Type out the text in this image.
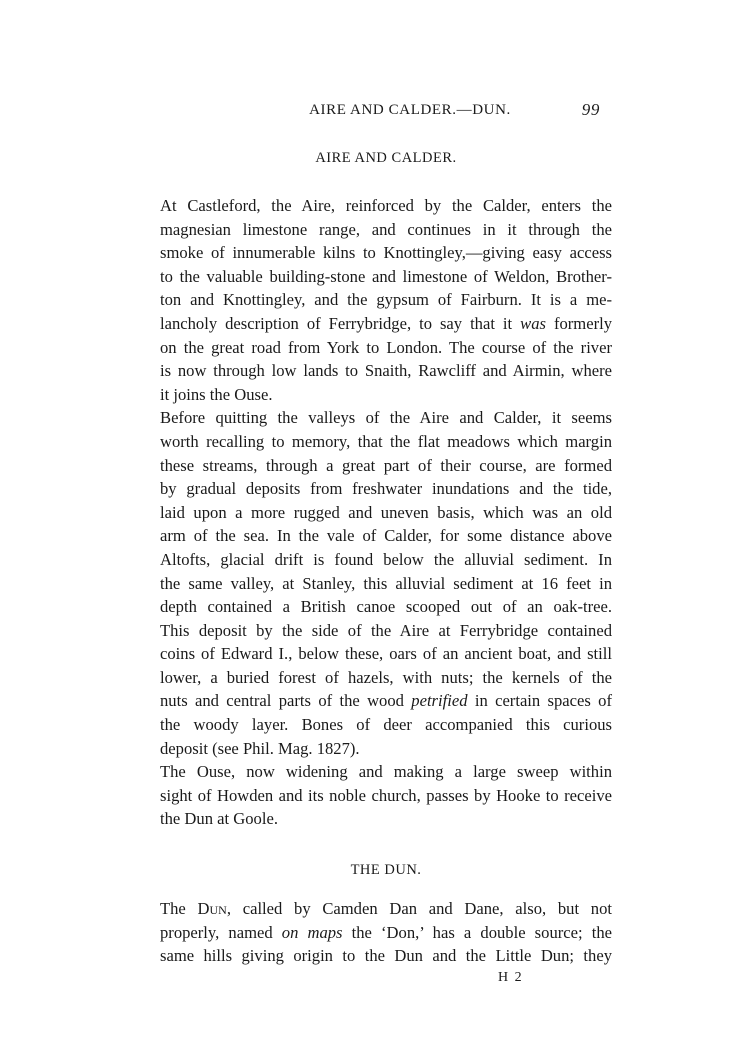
AIRE AND CALDER.—DUN.	99
AIRE AND CALDER.

At Castleford, the Aire, reinforced by the Calder, enters the
magnesian limestone range, and continues in it through the
smoke of innumerable kilns to Knottingley,—giving easy access
to the valuable building-stone and limestone of Weldon, Brother-
ton and Knottingley, and the gypsum of Fairburn. It is a me-
lancholy description of Ferrybridge, to say that it was formerly
on the great road from York to London. The course of the river
is now through low lands to Snaith, Rawcliff and Airmin, where
it joins the Ouse.

Before quitting the valleys of the Aire and Calder, it seems
worth recalling to memory, that the flat meadows which margin
these streams, through a great part of their course, are formed
by gradual deposits from freshwater inundations and the tide,
laid upon a more rugged and uneven basis, which was an old
arm of the sea. In the vale of Calder, for some distance above
Altofts, glacial drift is found below the alluvial sediment. In
the same valley, at Stanley, this alluvial sediment at 16 feet in
depth contained a British canoe scooped out of an oak-tree.
This deposit by the side of the Aire at Ferrybridge contained
coins of Edward I., below these, oars of an ancient boat, and still
lower, a buried forest of hazels, with nuts; the kernels of the
nuts and central parts of the wood petrified in certain spaces of
the woody layer. Bones of deer accompanied this curious
deposit (see Phil. Mag. 1827).

The Ouse, now widening and making a large sweep within
sight of Howden and its noble church, passes by Hooke to receive
the Dun at Goole.

THE DUN.

The Dun, called by Camden Dan and Dane, also, but not
properly, named on maps the ‘Don,’ has a double source; the
same hills giving origin to the Dun and the Little Dun; they

H 2
